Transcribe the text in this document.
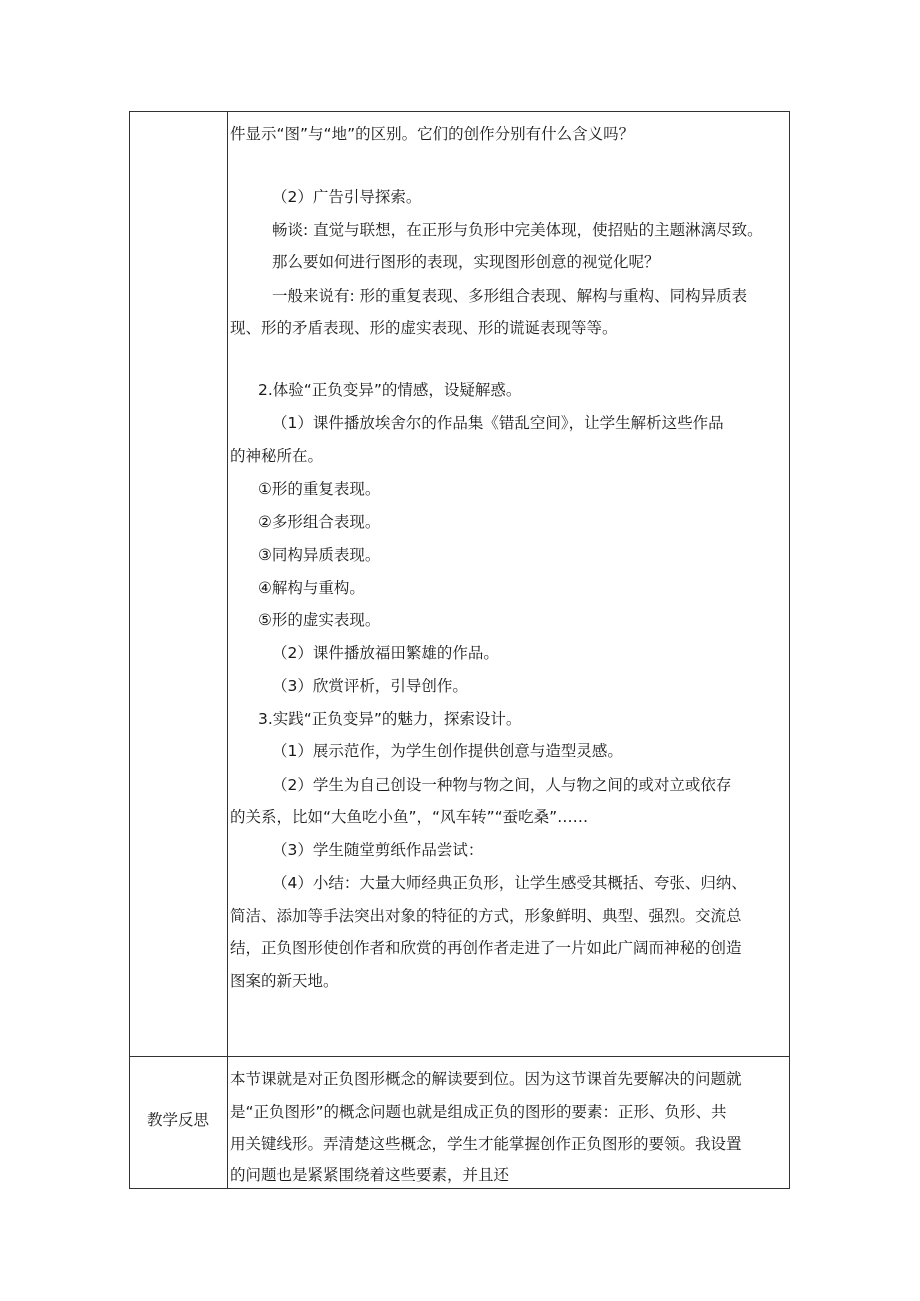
件显示“图”与“地”的区别。它们的创作分别有什么含义吗？
（2）广告引导探索。
畅谈: 直觉与联想，在正形与负形中完美体现，使招贴的主题淋漓尽致。
那么要如何进行图形的表现，实现图形创意的视觉化呢？
一般来说有: 形的重复表现、多形组合表现、解构与重构、同构异质表
现、形的矛盾表现、形的虚实表现、形的谎诞表现等等。
2.体验“正负变异”的情感，设疑解惑。
（1）课件播放埃舍尔的作品集《错乱空间》，让学生解析这些作品
的神秘所在。
①形的重复表现。
②多形组合表现。
③同构异质表现。
④解构与重构。
⑤形的虚实表现。
（2）课件播放福田繁雄的作品。
（3）欣赏评析，引导创作。
3.实践“正负变异”的魅力，探索设计。
（1）展示范作，为学生创作提供创意与造型灵感。
（2）学生为自己创设一种物与物之间，人与物之间的或对立或依存
的关系，比如“大鱼吃小鱼”，“风车转”“蚕吃桑”……
（3）学生随堂剪纸作品尝试：
（4）小结：大量大师经典正负形，让学生感受其概括、夸张、归纳、
简洁、添加等手法突出对象的特征的方式，形象鲜明、典型、强烈。交流总
结，正负图形使创作者和欣赏的再创作者走进了一片如此广阔而神秘的创造
图案的新天地。
教学反思
本节课就是对正负图形概念的解读要到位。因为这节课首先要解决的问题就
是“正负图形”的概念问题也就是组成正负的图形的要素：正形、负形、共
用关键线形。弄清楚这些概念，学生才能掌握创作正负图形的要领。我设置
的问题也是紧紧围绕着这些要素，并且还
